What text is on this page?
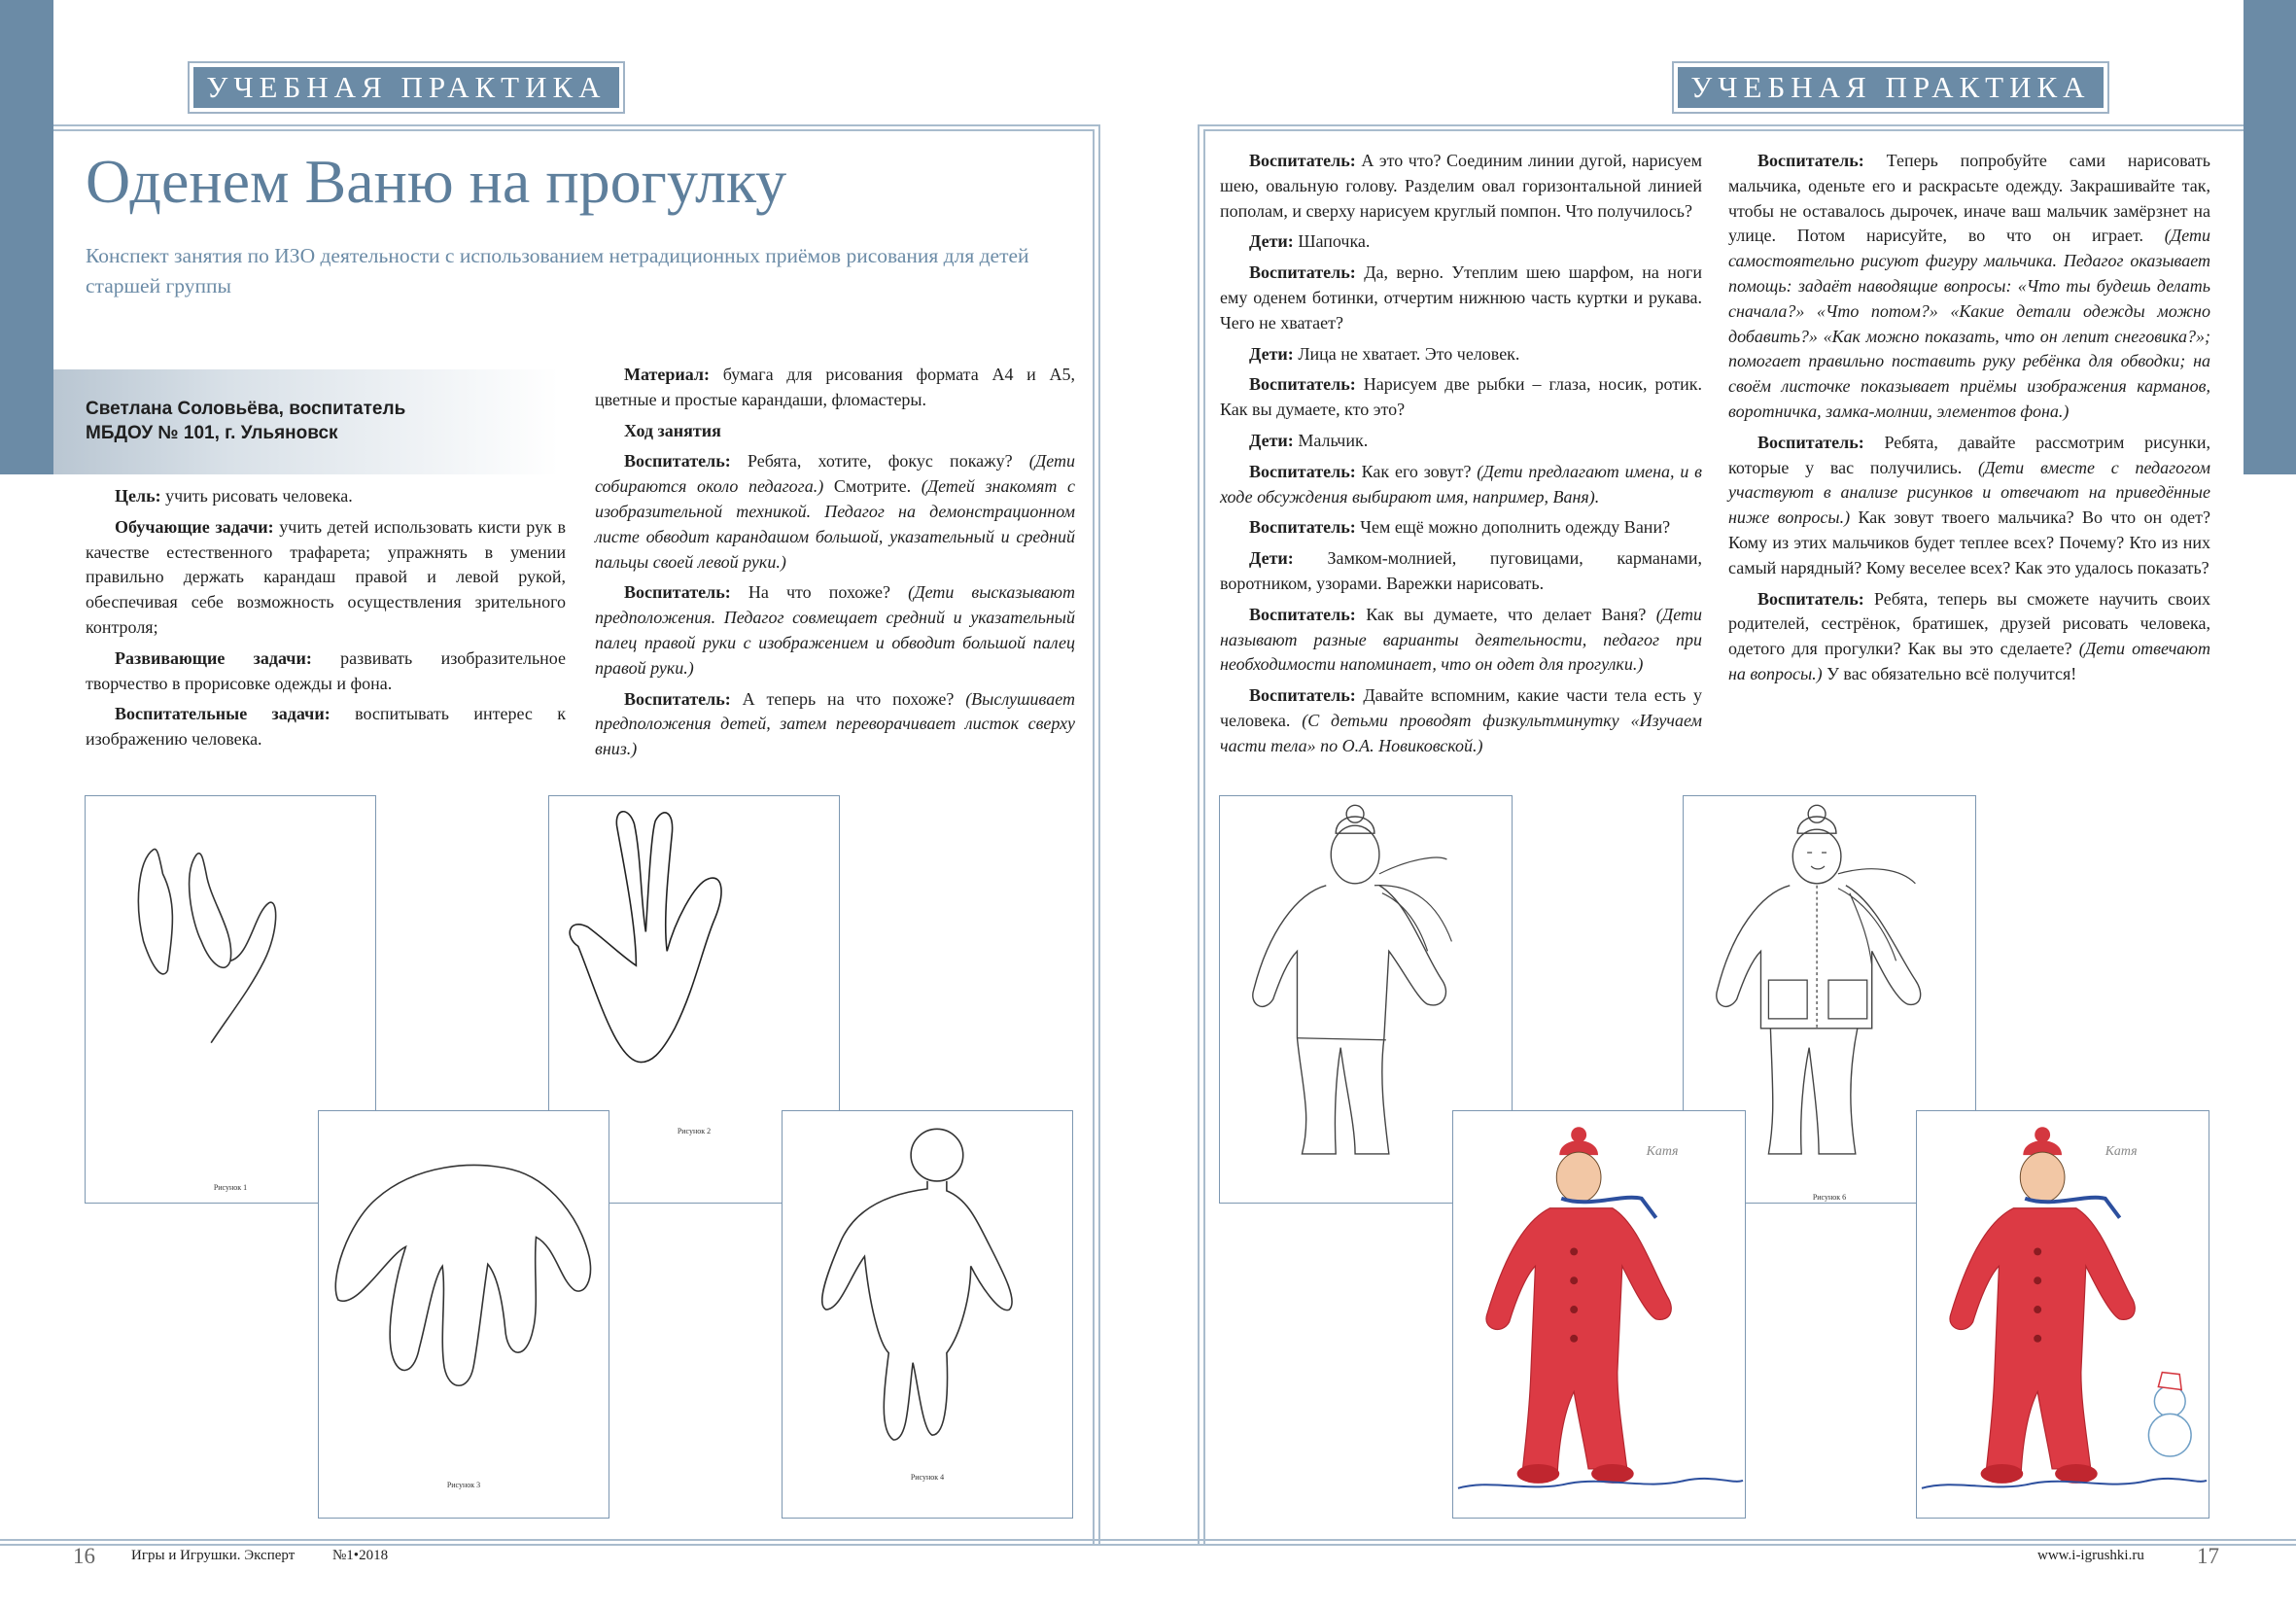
УЧЕБНАЯ ПРАКТИКА	УЧЕБНАЯ ПРАКТИКА
Оденем Ваню на прогулку
Конспект занятия по ИЗО деятельности с использованием нетрадиционных приёмов рисования для детей старшей группы
Светлана Соловьёва, воспитатель
МБДОУ № 101, г. Ульяновск

Цель: учить рисовать человека.

Обучающие задачи: учить детей использовать кисти рук в качестве естественного трафарета; упражнять в умении правильно держать карандаш правой и левой рукой, обеспечивая себе возможность осуществления зрительного контроля;

Развивающие задачи: развивать изобразительное творчество в прорисовке одежды и фона.

Воспитательные задачи: воспитывать интерес к изображению человека.

Материал: бумага для рисования формата А4 и А5, цветные и простые карандаши, фломастеры.

Ход занятия

Воспитатель: Ребята, хотите, фокус покажу? (Дети собираются около педагога.) Смотрите. (Детей знакомят с изобразительной техникой. Педагог на демонстрационном листе обводит карандашом большой, указательный и средний пальцы своей левой руки.)

Воспитатель: На что похоже? (Дети высказывают предположения. Педагог совмещает средний и указательный палец правой руки с изображением и обводит большой палец правой руки.)

Воспитатель: А теперь на что похоже? (Выслушивает предположения детей, затем переворачивает листок сверху вниз.)

Воспитатель: А это что? Соединим линии дугой, нарисуем шею, овальную голову. Разделим овал горизонтальной линией пополам, и сверху нарисуем круглый помпон. Что получилось?

Дети: Шапочка.

Воспитатель: Да, верно. Утеплим шею шарфом, на ноги ему оденем ботинки, отчертим нижнюю часть куртки и рукава. Чего не хватает?

Дети: Лица не хватает. Это человек.

Воспитатель: Нарисуем две рыбки – глаза, носик, ротик. Как вы думаете, кто это?

Дети: Мальчик.

Воспитатель: Как его зовут? (Дети предлагают имена, и в ходе обсуждения выбирают имя, например, Ваня).

Воспитатель: Чем ещё можно дополнить одежду Вани?

Дети: Замком-молнией, пуговицами, карманами, воротником, узорами. Варежки нарисовать.

Воспитатель: Как вы думаете, что делает Ваня? (Дети называют разные варианты деятельности, педагог при необходимости напоминает, что он одет для прогулки.)

Воспитатель: Давайте вспомним, какие части тела есть у человека. (С детьми проводят физкультминутку «Изучаем части тела» по О.А. Новиковской.)

Воспитатель: Теперь попробуйте сами нарисовать мальчика, оденьте его и раскрасьте одежду. Закрашивайте так, чтобы не оставалось дырочек, иначе ваш мальчик замёрзнет на улице. Потом нарисуйте, во что он играет. (Дети самостоятельно рисуют фигуру мальчика. Педагог оказывает помощь: задаёт наводящие вопросы: «Что ты будешь делать сначала?» «Что потом?» «Какие детали одежды можно добавить?» «Как можно показать, что он лепит снеговика?»; помогает правильно поставить руку ребёнка для обводки; на своём листочке показывает приёмы изображения карманов, воротничка, замка-молнии, элементов фона.)

Воспитатель: Ребята, давайте рассмотрим рисунки, которые у вас получились. (Дети вместе с педагогом участвуют в анализе рисунков и отвечают на приведённые ниже вопросы.) Как зовут твоего мальчика? Во что он одет? Кому из этих мальчиков будет теплее всех? Почему? Кто из них самый нарядный? Кому веселее всех? Как это удалось показать?

Воспитатель: Ребята, теперь вы сможете научить своих родителей, сестрёнок, братишек, друзей рисовать человека, одетого для прогулки? Как вы это сделаете? (Дети отвечают на вопросы.) У вас обязательно всё получится!

Рисунок 1
Рисунок 2
Рисунок 3
Рисунок 4
Рисунок 6
Катя	Катя
16 Игры и Игрушки. Эксперт	№1•2018	www.i-igrushki.ru 17
